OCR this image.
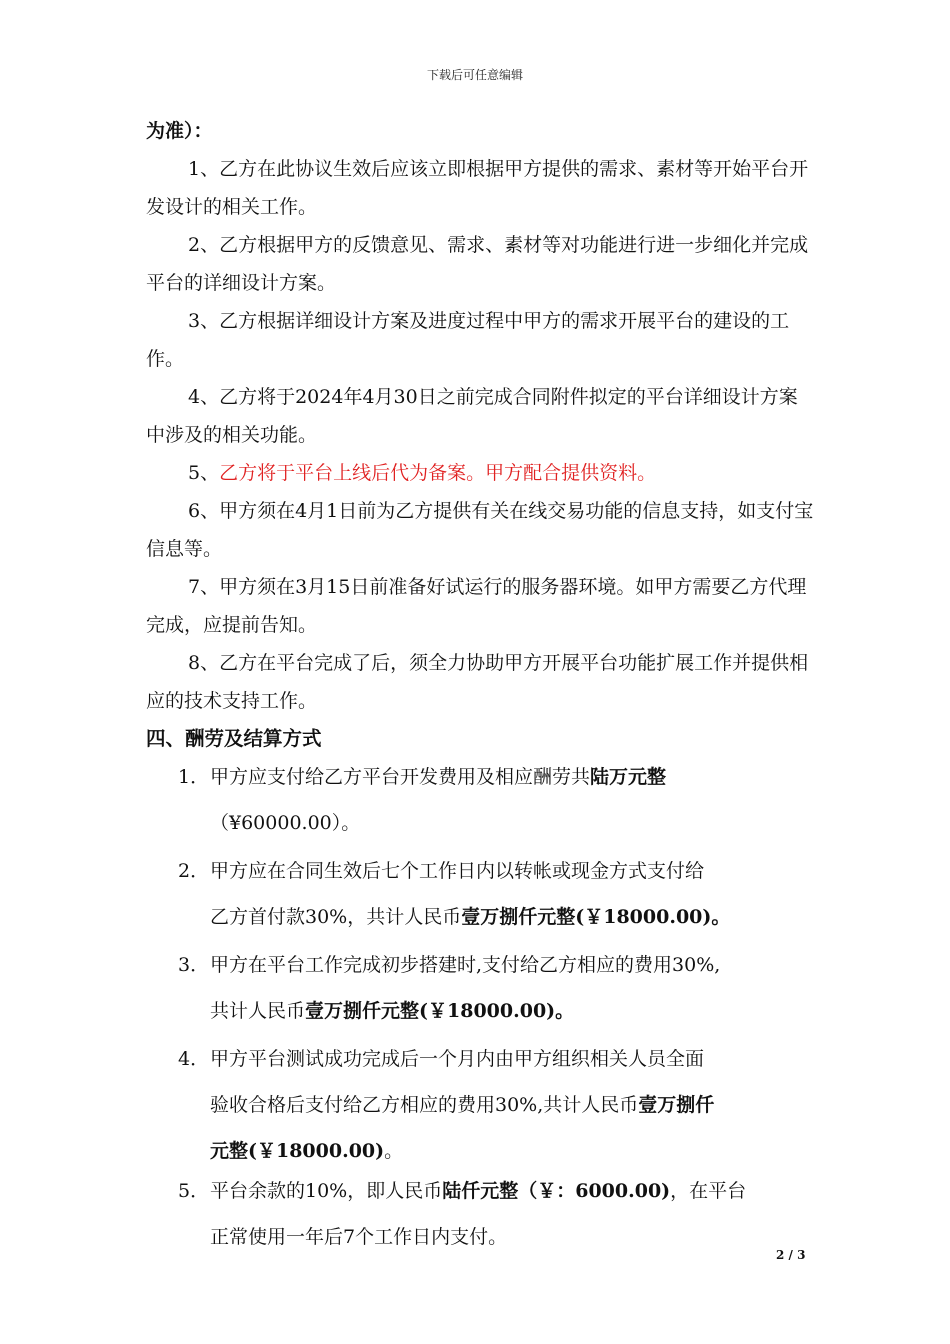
下载后可任意编辑

为准）：

1、乙方在此协议生效后应该立即根据甲方提供的需求、素材等开始平台开发设计的相关工作。

2、乙方根据甲方的反馈意见、需求、素材等对功能进行进一步细化并完成平台的详细设计方案。

3、乙方根据详细设计方案及进度过程中甲方的需求开展平台的建设的工作。

4、乙方将于2024年4月30日之前完成合同附件拟定的平台详细设计方案中涉及的相关功能。

5、乙方将于平台上线后代为备案。甲方配合提供资料。

6、甲方须在4月1日前为乙方提供有关在线交易功能的信息支持，如支付宝信息等。

7、甲方须在3月15日前准备好试运行的服务器环境。如甲方需要乙方代理完成，应提前告知。

8、乙方在平台完成了后，须全力协助甲方开展平台功能扩展工作并提供相应的技术支持工作。

四、酬劳及结算方式

1． 甲方应支付给乙方平台开发费用及相应酬劳共陆万元整
（¥60000.00）。
2． 甲方应在合同生效后七个工作日内以转帐或现金方式支付给
乙方首付款30%，共计人民币壹万捌仟元整(￥18000.00)。
3． 甲方在平台工作完成初步搭建时,支付给乙方相应的费用30%,
共计人民币壹万捌仟元整(￥18000.00)。
4． 甲方平台测试成功完成后一个月内由甲方组织相关人员全面
验收合格后支付给乙方相应的费用30%,共计人民币壹万捌仟
元整(￥18000.00)。
5． 平台余款的10%，即人民币陆仟元整（￥：6000.00)，在平台
正常使用一年后7个工作日内支付。
2 / 3
